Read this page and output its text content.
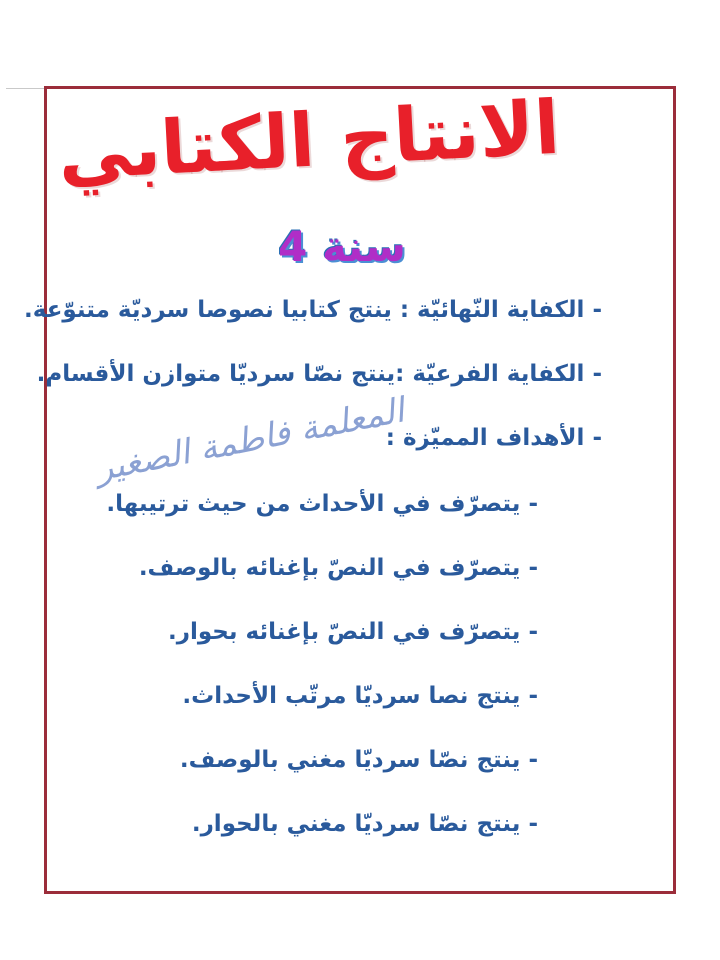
الانتاج الكتابي
سنة 4
- الكفاية النّهائيّة : ينتج كتابيا نصوصا سرديّة متنوّعة.
- الكفاية الفرعيّة :ينتج نصّا سرديّا متوازن الأقسام.
- الأهداف المميّزة :
المعلمة فاطمة الصغير
- يتصرّف في الأحداث من حيث ترتيبها.
- يتصرّف في النصّ بإغنائه بالوصف.
- يتصرّف في النصّ بإغنائه بحوار.
- ينتج نصا سرديّا مرتّب الأحداث.
- ينتج نصّا سرديّا مغني بالوصف.
- ينتج نصّا سرديّا مغني بالحوار.
